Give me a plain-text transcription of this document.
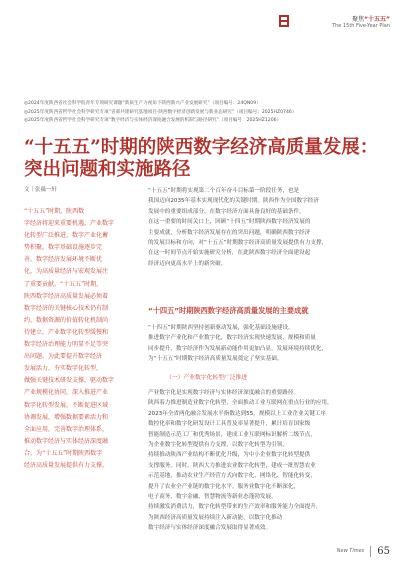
聚焦“十五五”
The 15th Five-Year Plan
◎2024年度陕西省社会科学院青年专项研究课题“新质生产力视角下陕西新兴产业发展研究”（项目编号：24QN09）
◎2025年度陕西省哲学社会科学研究专项“省部共建研究基地项目·陕西数字经济创新发展与新业态研究”（项目编号：2025HZ0746）
◎2025年度陕西省哲学社会科学研究专项“数字经济与实体经济深度融合发展的机制与路径研究”（项目编号：2025HZ1206）
“十五五”时期的陕西数字经济高质量发展：
突出问题和实施路径
文｜张薇一轩
“十五五”时期，陕西数
字经济将迎来重要机遇，产业数字
化转型广泛推进，数字产业化蓄
势积聚，数字基础设施逐步完
善，数字经济发展环境不断优
化，为高质量经济与宏观发展注
了重要贡献。“十五五”时期，
陕西数字经济高质量发展必须着
数字经济的关键核心技术仍有制
约、数据资源的价值转化机制尚
待建立，产业数字化转型缓慢和
数字经济治理能力明显不足等突
出问题。为此要提升数字经济
发展活力，夯实数字化转型，
做强关键技术研发支撑，驱动数字
产业规模化协同，深入推进产业
数字化转型发展，不断促进区域
协调发展，增强数据要素活力和
全面应用，完善数字治理体系，
推动数字经济与实体经济深度融
合，为“十五五”时期陕西数字
经济高质量发展提供有力支撑。
“十五五”时期将实现第二个百年奋斗目标第一阶段任务，也是
我国迈向2035年基本实现现代化的关键时期。陕西作为全国数字经济
发展中的重要组成部分，在数字经济方面具备良好的基础条件，
在这一重要的时间关口上，回顾“十四五”时期陕西数字经济发展的
主要成就，分析数字经济发展存在的突出问题，明确陕西数字经济
的发展目标和方向，对“十五五”时期数字经济高质量发展提供有力支撑，
在这一时间节点开始实施研究分析，在此陕西数字经济全面建设起
经济迈向更高水平上的新突破。
“十四五”时期陕西数字经济高质量发展的主要成就
“十四五”时期陕西坚持创新驱动发展，强化基础设施建设，
推进数字产业化和产业数字化，数字经济实现快速发展，规模和质量
同步提升，数字经济作为发展新动能作用更加凸显，发展环境持续优化，
为“十五五”时期数字经济高质量发展奠定了坚实基础。
（一）产业数字化转型广泛推进
产业数字化是实现数字经济与实体经济深度融合的重要路径。
陕西着力推进制造业数字化转型，全面推动工业互联网在重点行业的应用，
2023年全省两化融合发展水平指数达到55，规模以上工业企业关键工序
数控化率和数字化研发设计工具普及率显著提升，累计培育国家级
智能制造示范工厂和优秀场景，建成工业互联网标识解析二级节点，
为企业数字化转型提供有力支撑，以数字化转型为引领，
持续推动陕西产业结构不断优化升级，为中小企业数字化转型提供
支撑服务。同时，陕西大力推进农业数字化转型，建成一批智慧农业
示范基地，推动农业生产经营方式向数字化、网络化、智能化转变，
提升了农业全产业链的数字化水平。服务业数字化不断深化，
电子商务、数字金融、智慧物流等新业态蓬勃发展，
持续激发消费活力，数字化转型带来的生产效率和服务能力全面提升，
为陕西经济高质量发展持续注入新动能，以数字化推动
数字经济与实体经济深度融合发展取得显著成效。
New Times 65
